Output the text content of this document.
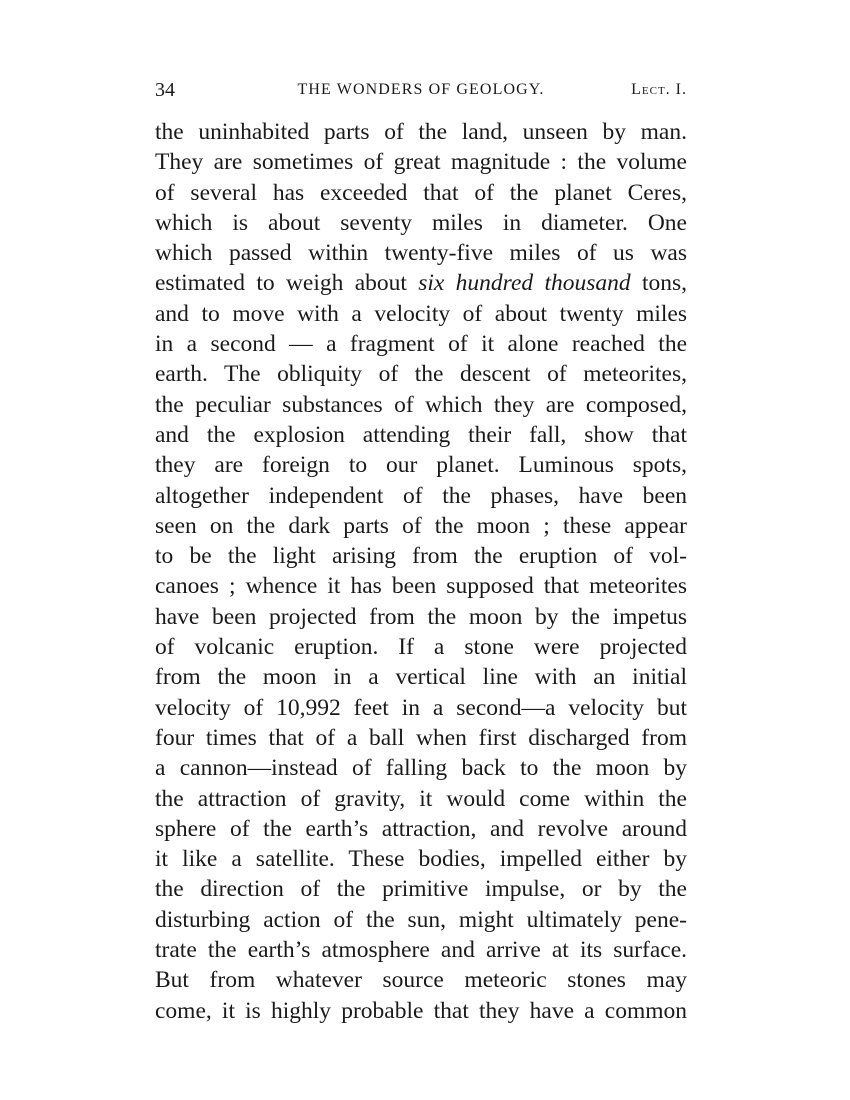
34	THE WONDERS OF GEOLOGY.	Lect. I.
the uninhabited parts of the land, unseen by man.
They are sometimes of great magnitude : the volume
of several has exceeded that of the planet Ceres,
which is about seventy miles in diameter. One
which passed within twenty-five miles of us was
estimated to weigh about six hundred thousand tons,
and to move with a velocity of about twenty miles
in a second — a fragment of it alone reached the
earth. The obliquity of the descent of meteorites,
the peculiar substances of which they are composed,
and the explosion attending their fall, show that
they are foreign to our planet. Luminous spots,
altogether independent of the phases, have been
seen on the dark parts of the moon ; these appear
to be the light arising from the eruption of vol-
canoes ; whence it has been supposed that meteorites
have been projected from the moon by the impetus
of volcanic eruption. If a stone were projected
from the moon in a vertical line with an initial
velocity of 10,992 feet in a second—a velocity but
four times that of a ball when first discharged from
a cannon—instead of falling back to the moon by
the attraction of gravity, it would come within the
sphere of the earth’s attraction, and revolve around
it like a satellite. These bodies, impelled either by
the direction of the primitive impulse, or by the
disturbing action of the sun, might ultimately pene-
trate the earth’s atmosphere and arrive at its surface.
But from whatever source meteoric stones may
come, it is highly probable that they have a common
